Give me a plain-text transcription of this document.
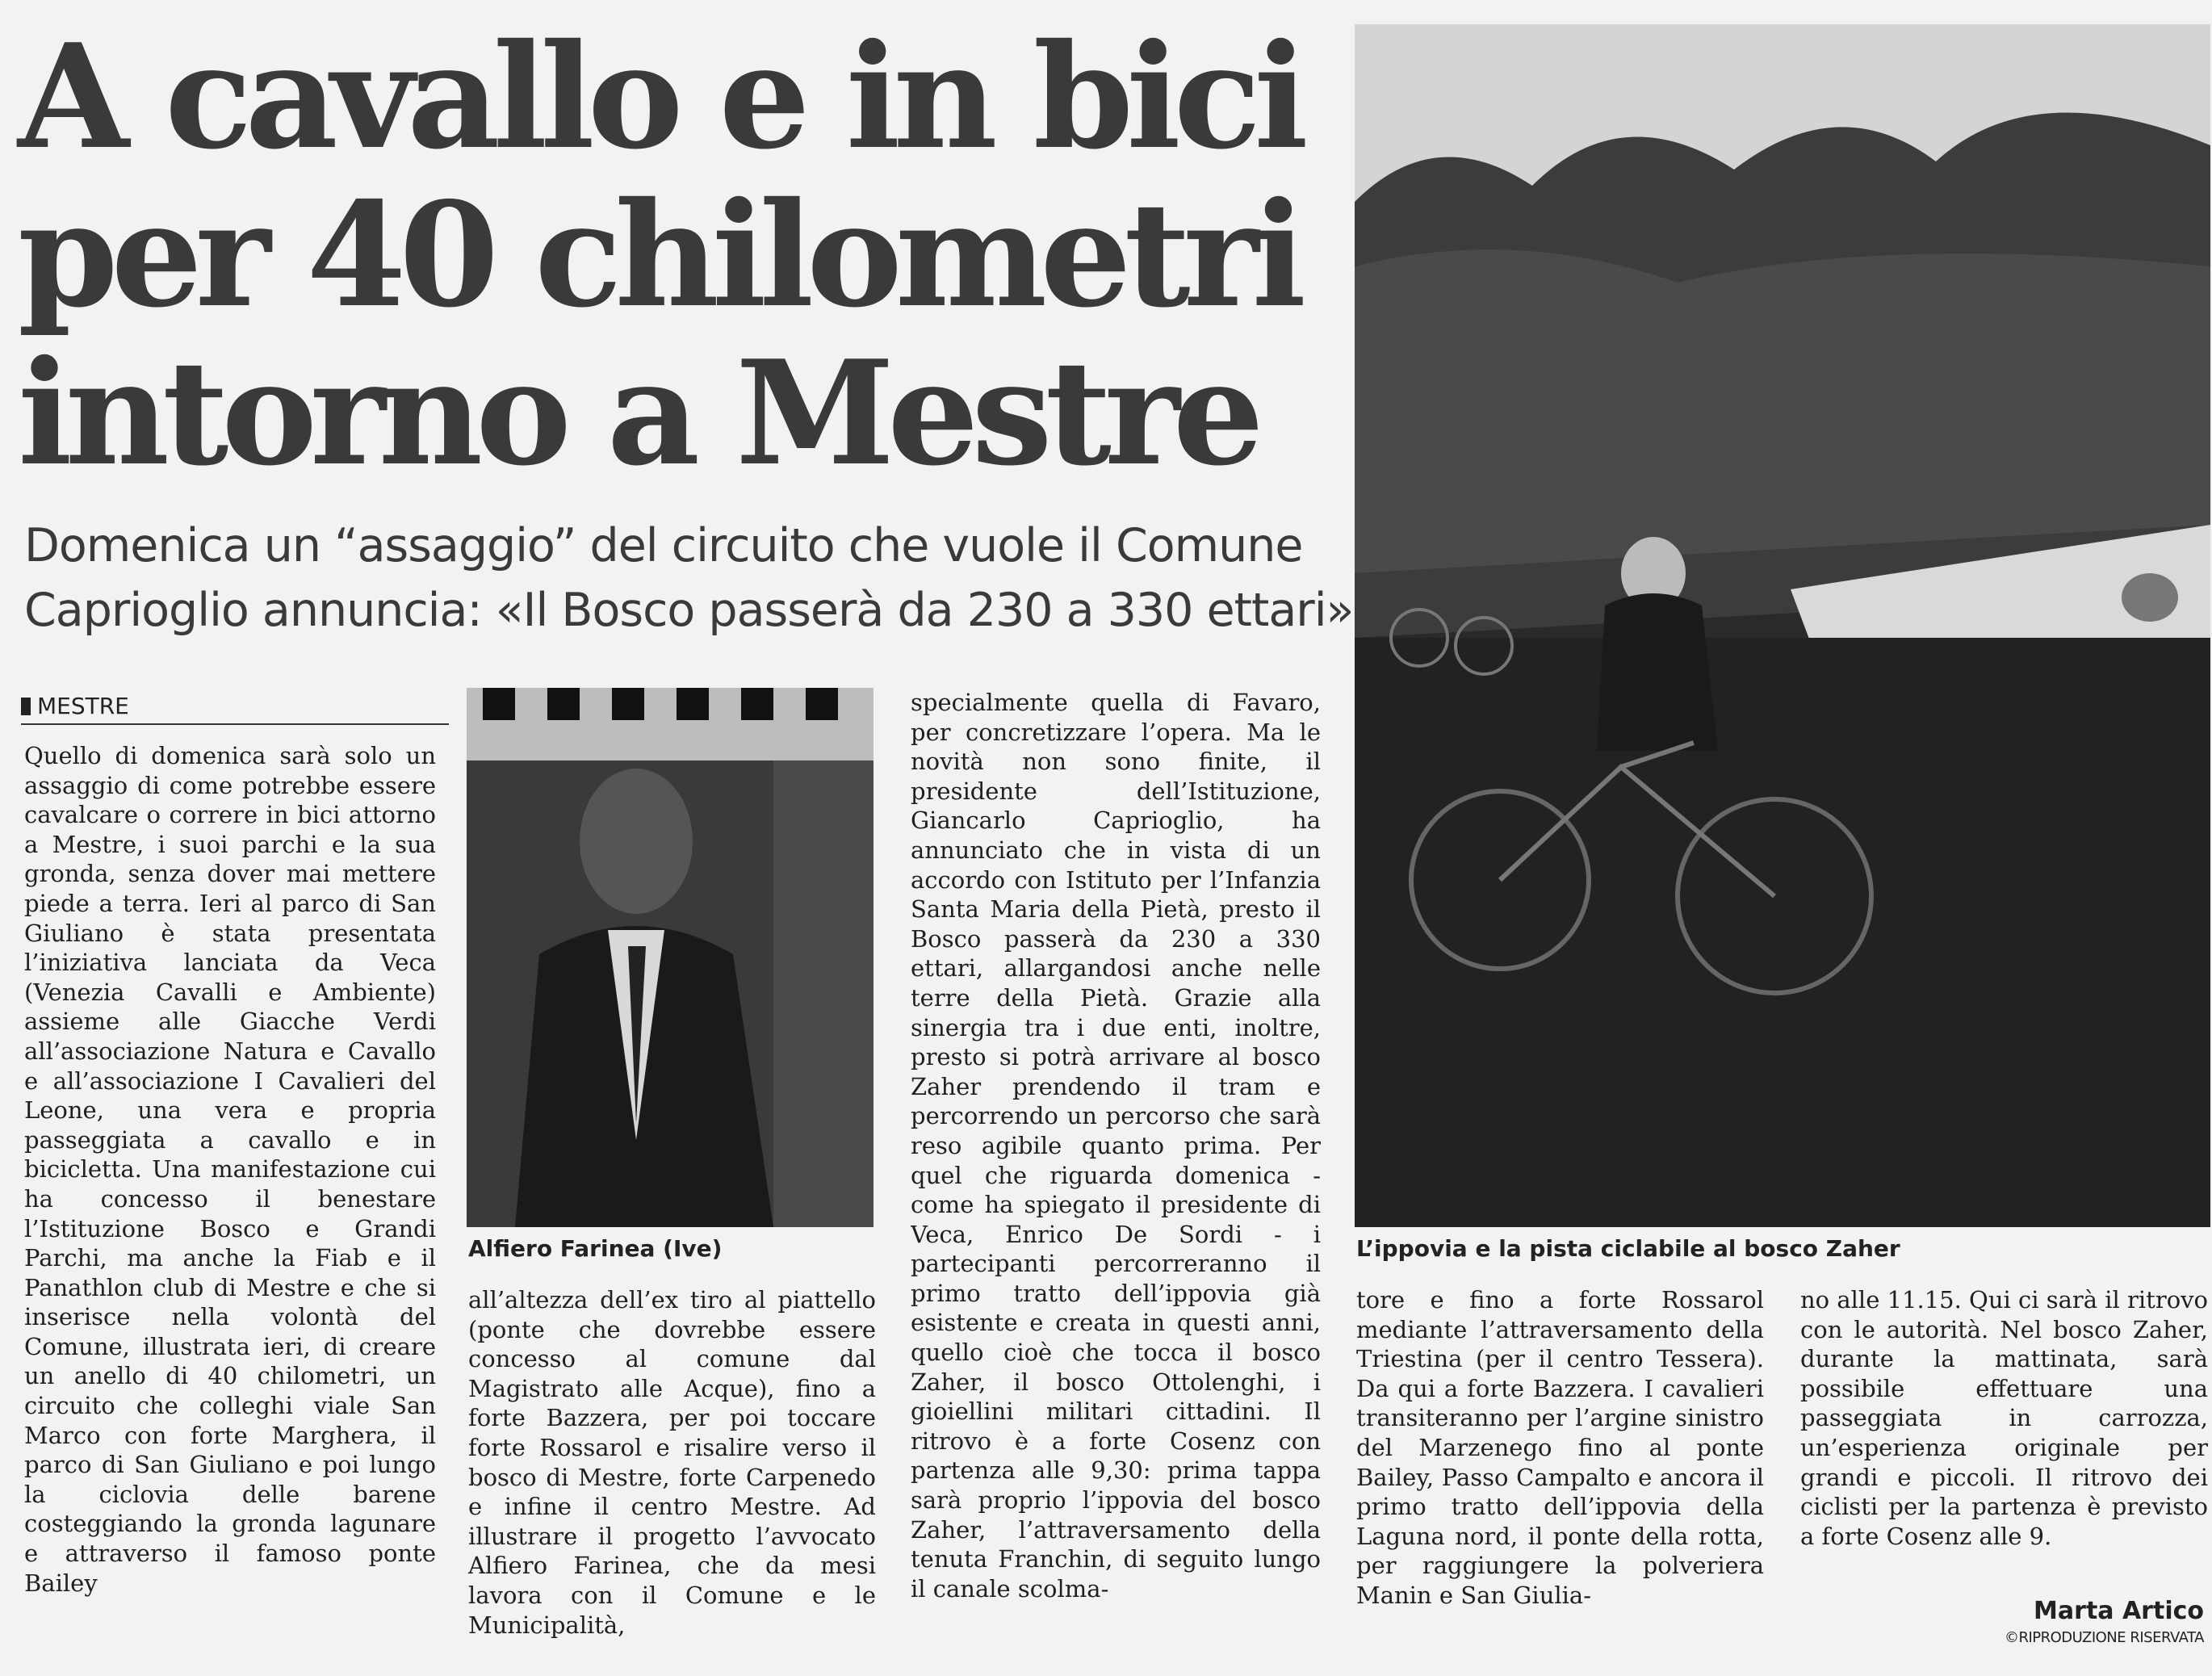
A cavallo e in bici
per 40 chilometri
intorno a Mestre
Domenica un “assaggio” del circuito che vuole il Comune
Caprioglio annuncia: «Il Bosco passerà da 230 a 330 ettari»
MESTRE

Quello di domenica sarà solo un assaggio di come potrebbe essere cavalcare o correre in bici attorno a Mestre, i suoi parchi e la sua gronda, senza dover mai mettere piede a terra. Ieri al parco di San Giuliano è stata presentata l’iniziativa lanciata da Veca (Venezia Cavalli e Ambiente) assieme alle Giacche Verdi all’associazione Natura e Cavallo e all’associazione I Cavalieri del Leone, una vera e propria passeggiata a cavallo e in bicicletta. Una manifestazione cui ha concesso il benestare l’Istituzione Bosco e Grandi Parchi, ma anche la Fiab e il Panathlon club di Mestre e che si inserisce nella volontà del Comune, illustrata ieri, di creare un anello di 40 chilometri, un circuito che colleghi viale San Marco con forte Marghera, il parco di San Giuliano e poi lungo la ciclovia delle barene costeggiando la gronda lagunare e attraverso il famoso ponte Bailey

Alfiero Farinea (Ive)

all’altezza dell’ex tiro al piattello (ponte che dovrebbe essere concesso al comune dal Magistrato alle Acque), fino a forte Bazzera, per poi toccare forte Rossarol e risalire verso il bosco di Mestre, forte Carpenedo e infine il centro Mestre. Ad illustrare il progetto l’avvocato Alfiero Farinea, che da mesi lavora con il Comune e le Municipalità,

specialmente quella di Favaro, per concretizzare l’opera. Ma le novità non sono finite, il presidente dell’Istituzione, Giancarlo Caprioglio, ha annunciato che in vista di un accordo con Istituto per l’Infanzia Santa Maria della Pietà, presto il Bosco passerà da 230 a 330 ettari, allargandosi anche nelle terre della Pietà. Grazie alla sinergia tra i due enti, inoltre, presto si potrà arrivare al bosco Zaher prendendo il tram e percorrendo un percorso che sarà reso agibile quanto prima. Per quel che riguarda domenica - come ha spiegato il presidente di Veca, Enrico De Sordi - i partecipanti percorreranno il primo tratto dell’ippovia già esistente e creata in questi anni, quello cioè che tocca il bosco Zaher, il bosco Ottolenghi, i gioiellini militari cittadini. Il ritrovo è a forte Cosenz con partenza alle 9,30: prima tappa sarà proprio l’ippovia del bosco Zaher, l’attraversamento della tenuta Franchin, di seguito lungo il canale scolma-

L’ippovia e la pista ciclabile al bosco Zaher

tore e fino a forte Rossarol mediante l’attraversamento della Triestina (per il centro Tessera). Da qui a forte Bazzera. I cavalieri transiteranno per l’argine sinistro del Marzenego fino al ponte Bailey, Passo Campalto e ancora il primo tratto dell’ippovia della Laguna nord, il ponte della rotta, per raggiungere la polveriera Manin e San Giulia-

no alle 11.15. Qui ci sarà il ritrovo con le autorità. Nel bosco Zaher, durante la mattinata, sarà possibile effettuare una passeggiata in carrozza, un’esperienza originale per grandi e piccoli. Il ritrovo dei ciclisti per la partenza è previsto a forte Cosenz alle 9.

Marta Artico
©RIPRODUZIONE RISERVATA
